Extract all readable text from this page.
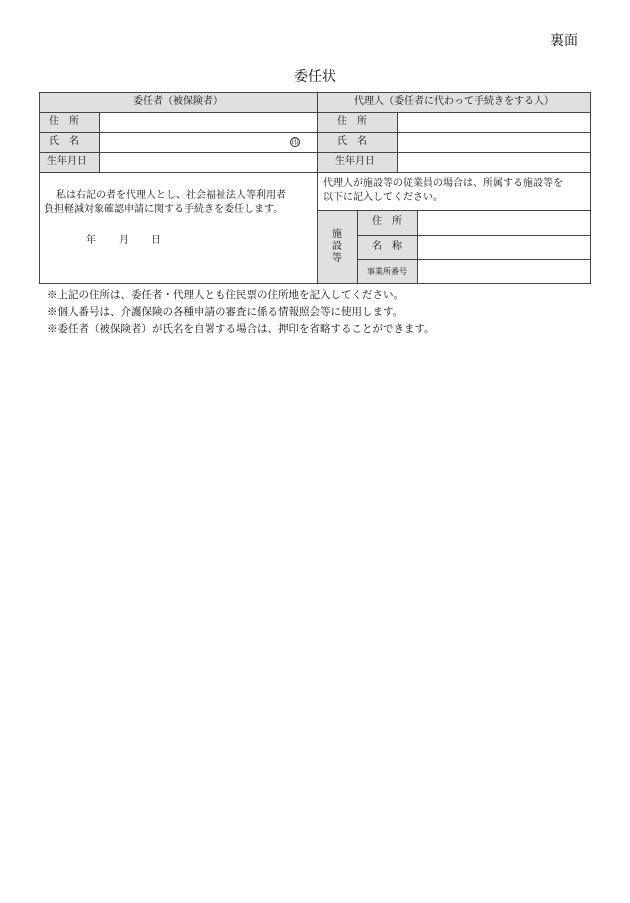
裏面
委任状
委任者（被保険者）	代理人（委任者に代わって手続きをする人）
住　所
氏　名
生年月日
印
住　所
氏　名
生年月日
私は右記の者を代理人とし、社会福祉法人等利用者
負担軽減対象確認申請に関する手続きを委任します。
年 月 日
代理人が施設等の従業員の場合は、所属する施設等を
以下に記入してください。
施設等
住　所
名　称
事業所番号
※上記の住所は、委任者・代理人とも住民票の住所地を記入してください。
※個人番号は、介護保険の各種申請の審査に係る情報照会等に使用します。
※委任者（被保険者）が氏名を自署する場合は、押印を省略することができます。
